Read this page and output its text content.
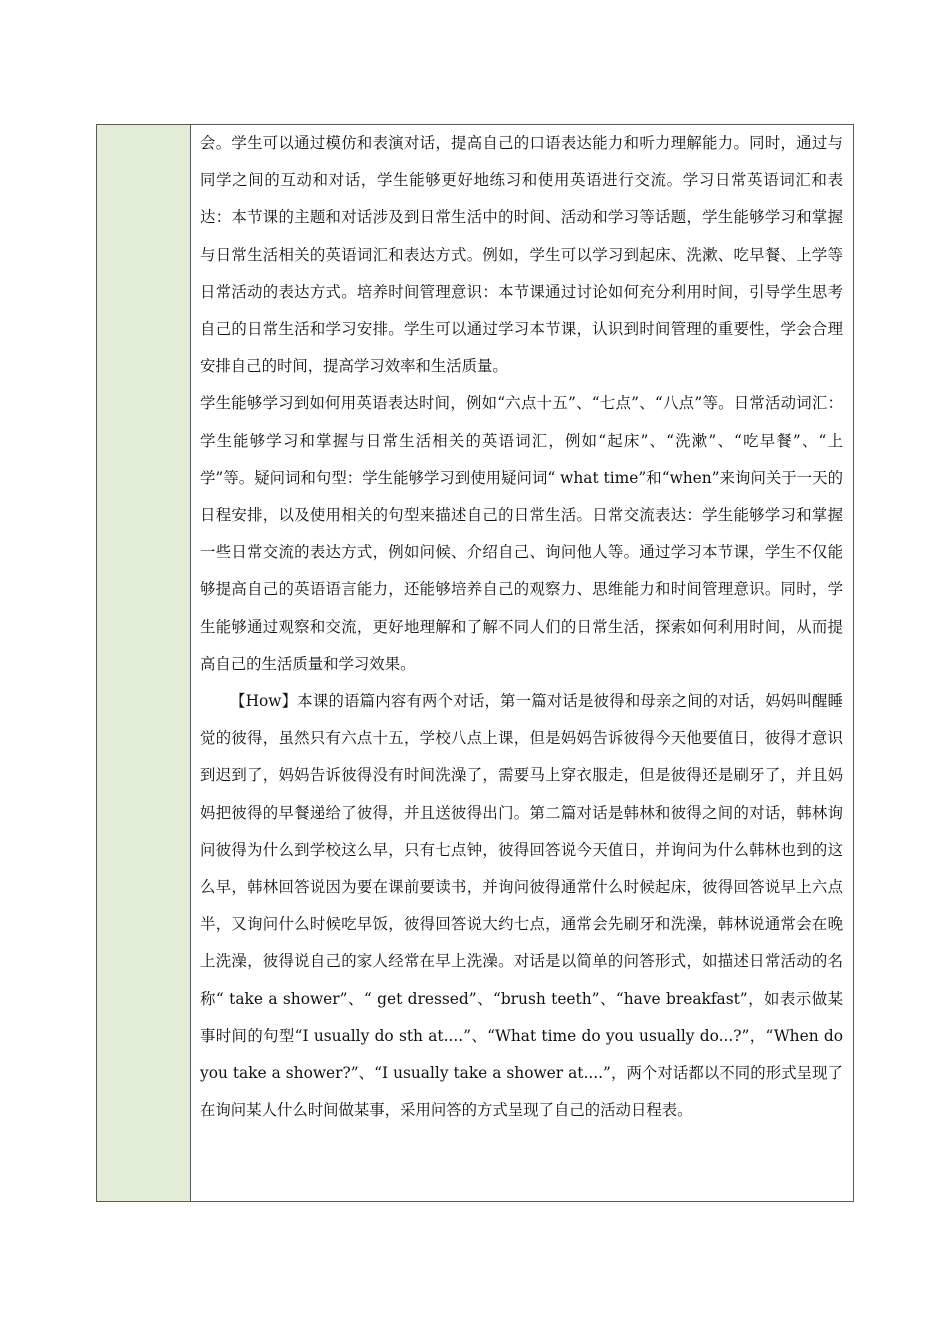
会。学生可以通过模仿和表演对话，提高自己的口语表达能力和听力理解能力。同时，通过与同学之间的互动和对话，学生能够更好地练习和使用英语进行交流。学习日常英语词汇和表达：本节课的主题和对话涉及到日常生活中的时间、活动和学习等话题，学生能够学习和掌握与日常生活相关的英语词汇和表达方式。例如，学生可以学习到起床、洗漱、吃早餐、上学等日常活动的表达方式。培养时间管理意识：本节课通过讨论如何充分利用时间，引导学生思考自己的日常生活和学习安排。学生可以通过学习本节课，认识到时间管理的重要性，学会合理安排自己的时间，提高学习效率和生活质量。

学生能够学习到如何用英语表达时间，例如“六点十五”、“七点”、“八点”等。日常活动词汇：学生能够学习和掌握与日常生活相关的英语词汇，例如“起床”、“洗漱”、“吃早餐”、“上学”等。疑问词和句型：学生能够学习到使用疑问词“ what time”和“when”来询问关于一天的日程安排，以及使用相关的句型来描述自己的日常生活。日常交流表达：学生能够学习和掌握一些日常交流的表达方式，例如问候、介绍自己、询问他人等。通过学习本节课，学生不仅能够提高自己的英语语言能力，还能够培养自己的观察力、思维能力和时间管理意识。同时，学生能够通过观察和交流，更好地理解和了解不同人们的日常生活，探索如何利用时间，从而提高自己的生活质量和学习效果。

【How】本课的语篇内容有两个对话，第一篇对话是彼得和母亲之间的对话，妈妈叫醒睡觉的彼得，虽然只有六点十五，学校八点上课，但是妈妈告诉彼得今天他要值日，彼得才意识到迟到了，妈妈告诉彼得没有时间洗澡了，需要马上穿衣服走，但是彼得还是刷牙了，并且妈妈把彼得的早餐递给了彼得，并且送彼得出门。第二篇对话是韩林和彼得之间的对话，韩林询问彼得为什么到学校这么早，只有七点钟，彼得回答说今天值日，并询问为什么韩林也到的这么早，韩林回答说因为要在课前要读书，并询问彼得通常什么时候起床，彼得回答说早上六点半，又询问什么时候吃早饭，彼得回答说大约七点，通常会先刷牙和洗澡，韩林说通常会在晚上洗澡，彼得说自己的家人经常在早上洗澡。对话是以简单的问答形式，如描述日常活动的名称“ take a shower”、“ get dressed”、“brush teeth”、“have breakfast”，如表示做某事时间的句型“I usually do sth at....”、“What time do you usually do...?”，“When do you take a shower?”、“I usually take a shower at....”，两个对话都以不同的形式呈现了在询问某人什么时间做某事，采用问答的方式呈现了自己的活动日程表。
